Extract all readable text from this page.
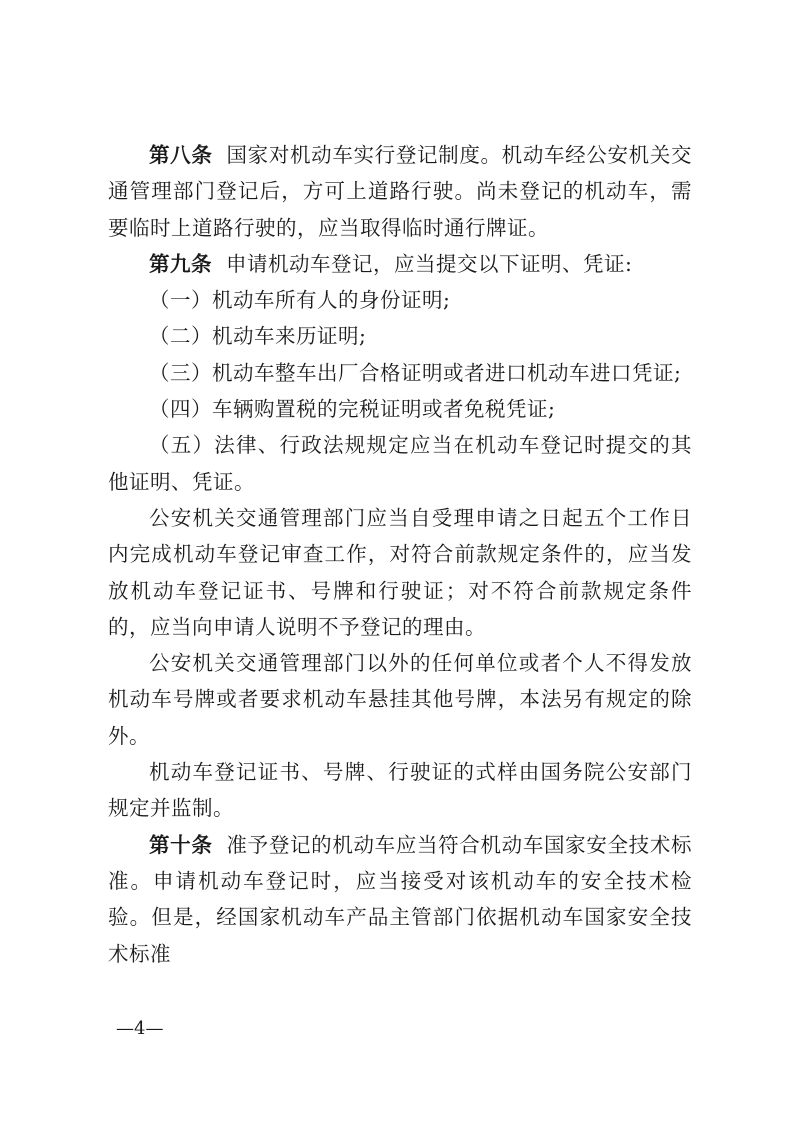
第八条 国家对机动车实行登记制度。机动车经公安机关交通管理部门登记后，方可上道路行驶。尚未登记的机动车，需要临时上道路行驶的，应当取得临时通行牌证。

第九条 申请机动车登记，应当提交以下证明、凭证:

（一）机动车所有人的身份证明;

（二）机动车来历证明;

（三）机动车整车出厂合格证明或者进口机动车进口凭证;

（四）车辆购置税的完税证明或者免税凭证;

（五）法律、行政法规规定应当在机动车登记时提交的其他证明、凭证。

公安机关交通管理部门应当自受理申请之日起五个工作日内完成机动车登记审查工作，对符合前款规定条件的，应当发放机动车登记证书、号牌和行驶证；对不符合前款规定条件的，应当向申请人说明不予登记的理由。

公安机关交通管理部门以外的任何单位或者个人不得发放机动车号牌或者要求机动车悬挂其他号牌，本法另有规定的除外。

机动车登记证书、号牌、行驶证的式样由国务院公安部门规定并监制。

第十条 准予登记的机动车应当符合机动车国家安全技术标准。申请机动车登记时，应当接受对该机动车的安全技术检验。但是，经国家机动车产品主管部门依据机动车国家安全技术标准

—4—
